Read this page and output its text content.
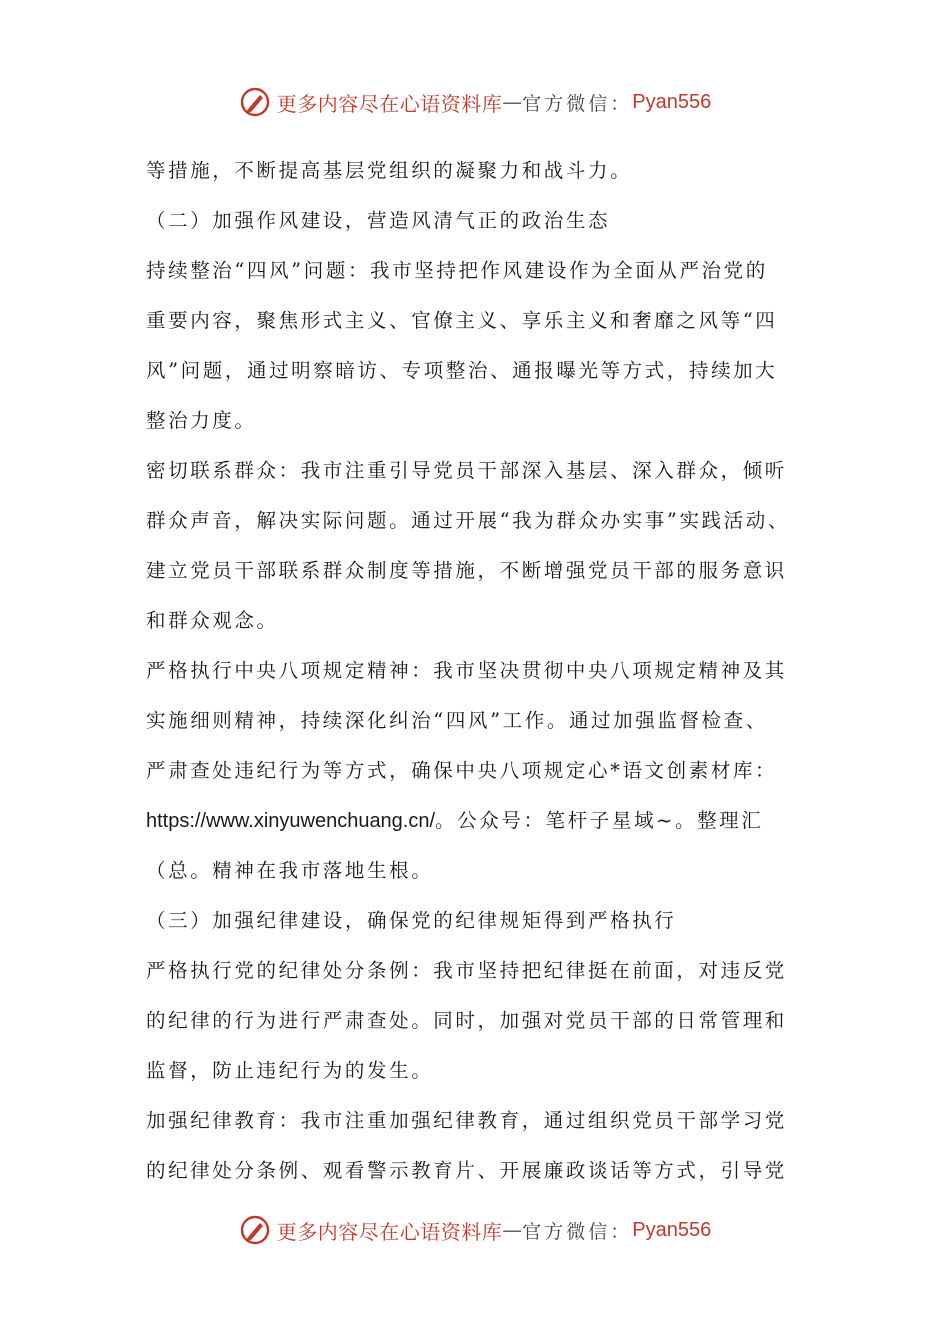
更多内容尽在心语资料库 — 官方微信： Pyan556
等措施，不断提高基层党组织的凝聚力和战斗力。
（二）加强作风建设，营造风清气正的政治生态
持续整治“四风”问题：我市坚持把作风建设作为全面从严治党的
重要内容，聚焦形式主义、官僚主义、享乐主义和奢靡之风等“四
风”问题，通过明察暗访、专项整治、通报曝光等方式，持续加大
整治力度。
密切联系群众：我市注重引导党员干部深入基层、深入群众，倾听
群众声音，解决实际问题。通过开展“我为群众办实事”实践活动、
建立党员干部联系群众制度等措施，不断增强党员干部的服务意识
和群众观念。
严格执行中央八项规定精神：我市坚决贯彻中央八项规定精神及其
实施细则精神，持续深化纠治“四风”工作。通过加强监督检查、
严肃查处违纪行为等方式，确保中央八项规定心*语文创素材库：
https://www.xinyuwenchuang.cn/。公众号：笔杆子星域~。整理汇
（总。精神在我市落地生根。
（三）加强纪律建设，确保党的纪律规矩得到严格执行
严格执行党的纪律处分条例：我市坚持把纪律挺在前面，对违反党
的纪律的行为进行严肃查处。同时，加强对党员干部的日常管理和
监督，防止违纪行为的发生。
加强纪律教育：我市注重加强纪律教育，通过组织党员干部学习党
的纪律处分条例、观看警示教育片、开展廉政谈话等方式，引导党
更多内容尽在心语资料库 — 官方微信： Pyan556
